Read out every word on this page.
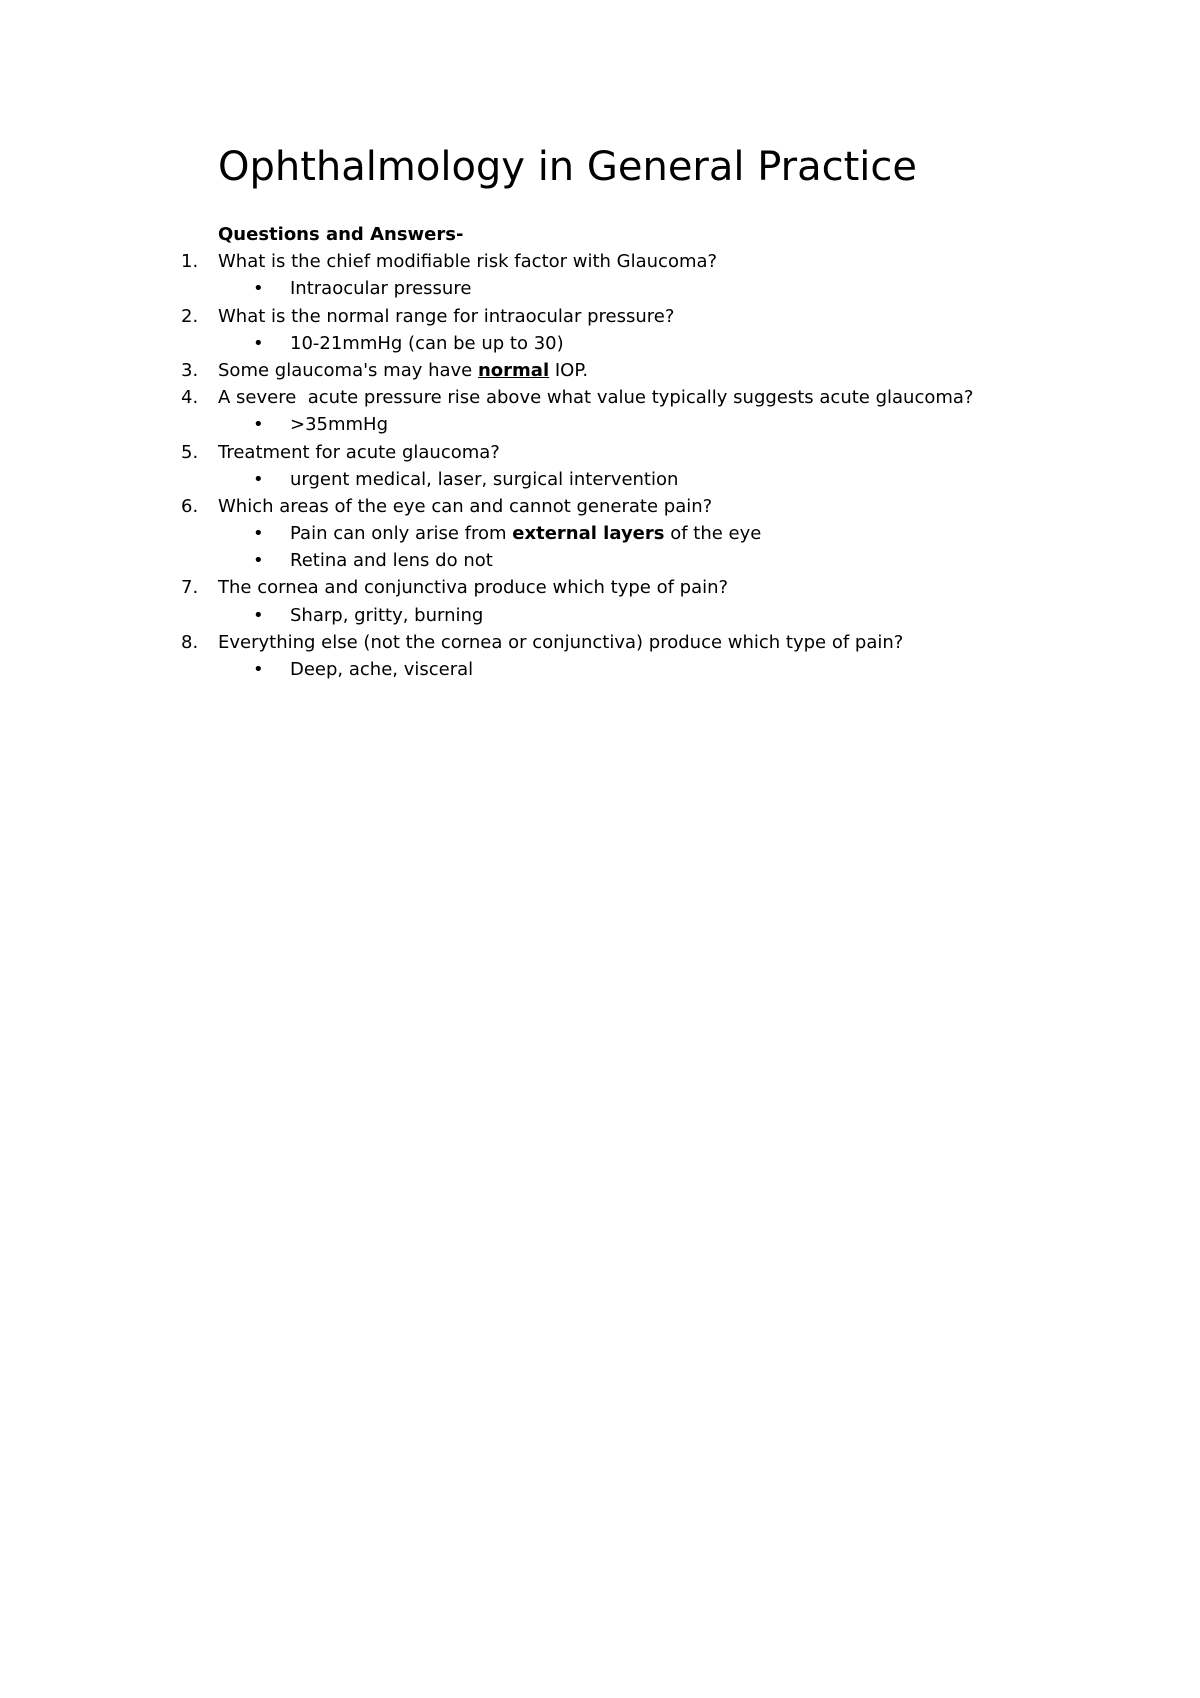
Ophthalmology in General Practice
Questions and Answers-
1. What is the chief modifiable risk factor with Glaucoma?
• Intraocular pressure
2. What is the normal range for intraocular pressure?
• 10-21mmHg (can be up to 30)
3. Some glaucoma's may have normal IOP.
4. A severe  acute pressure rise above what value typically suggests acute glaucoma?
• >35mmHg
5. Treatment for acute glaucoma?
• urgent medical, laser, surgical intervention
6. Which areas of the eye can and cannot generate pain?
• Pain can only arise from external layers of the eye
• Retina and lens do not
7. The cornea and conjunctiva produce which type of pain?
• Sharp, gritty, burning
8. Everything else (not the cornea or conjunctiva) produce which type of pain?
• Deep, ache, visceral
